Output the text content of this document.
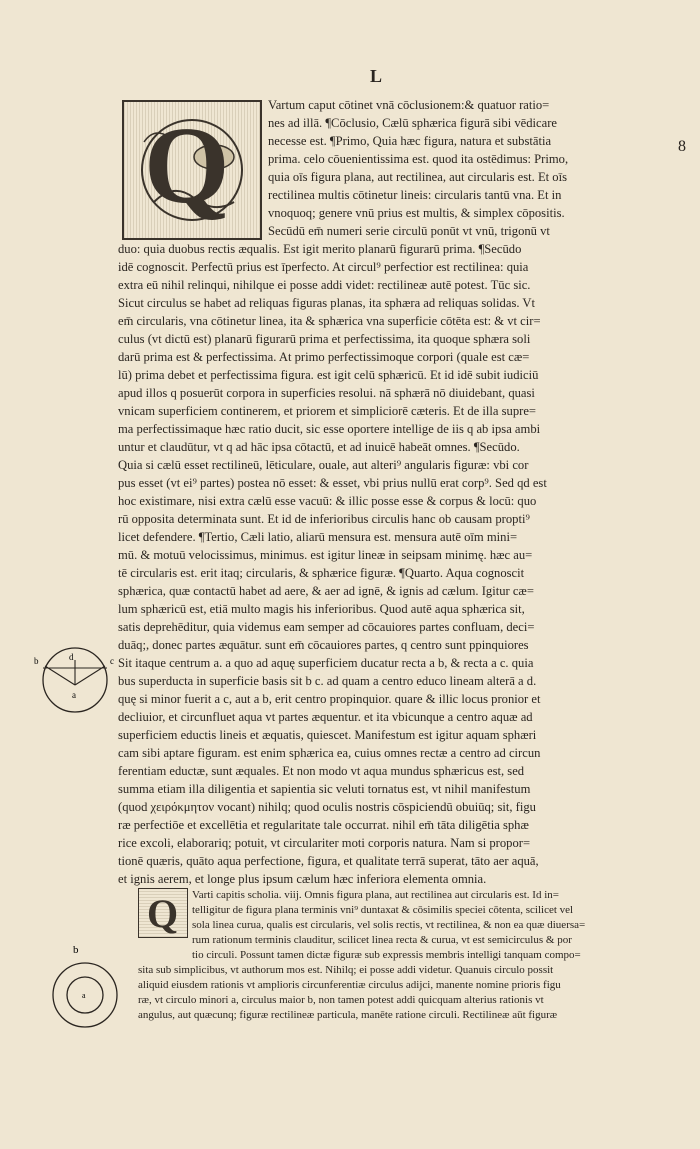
L
8
Q	Vartum caput cōtinet vnā cōclusionem:& quatuor ratio=
nes ad illā. ¶Cōclusio, Cælū sphærica figurā sibi vēdicare
necesse est. ¶Primo, Quia hæc figura, natura et substātia
prima. celo cōuenientissima est. quod ita ostēdimus: Primo,
quia oīs figura plana, aut rectilinea, aut circularis est. Et oīs
rectilinea multis cōtinetur lineis: circularis tantū vna. Et in
vnoquoq; genere vnū prius est multis, & simplex cōpositis.
Secūdū em̄ numeri serie circulū ponūt vt vnū, trigonū vt
duo: quia duobus rectis æqualis. Est igit merito planarū figurarū prima. ¶Secūdo
idē cognoscit. Perfectū prius est īperfecto. At circul⁹ perfectior est rectilinea: quia
extra eū nihil relinqui, nihilque ei posse addi videt: rectilineæ autē potest. Tūc sic.
Sicut circulus se habet ad reliquas figuras planas, ita sphæra ad reliquas solidas. Vt
em̄ circularis, vna cōtinetur linea, ita & sphærica vna superficie cōtēta est: & vt cir=
culus (vt dictū est) planarū figurarū prima et perfectissima, ita quoque sphæra soli
darū prima est & perfectissima. At primo perfectissimoque corpori (quale est cæ=
lū) prima debet et perfectissima figura. est igit celū sphæricū. Et id idē subit iudiciū
apud illos q posuerūt corpora in superficies resolui. nā sphærā nō diuidebant, quasi
vnicam superficiem continerem, et priorem et simpliciorē cæteris. Et de illa supre=
ma perfectissimaque hæc ratio ducit, sic esse oportere intellige de iis q ab ipsa ambi
untur et claudūtur, vt q ad hāc ipsa cōtactū, et ad inuicē habeāt omnes. ¶Secūdo.
Quia si cælū esset rectilineū, lēticulare, ouale, aut alteri⁹ angularis figuræ: vbi cor
pus esset (vt ei⁹ partes) postea nō esset: & esset, vbi prius nullū erat corp⁹. Sed qd est
hoc existimare, nisi extra cælū esse vacuū: & illic posse esse & corpus & locū: quo
rū opposita determinata sunt. Et id de inferioribus circulis hanc ob causam propti⁹
licet defendere. ¶Tertio, Cæli latio, aliarū mensura est. mensura autē oīm mini=
mū. & motuū velocissimus, minimus. est igitur lineæ in seipsam minimę. hæc au=
tē circularis est. erit itaq; circularis, & sphærice figuræ. ¶Quarto. Aqua cognoscit
sphærica, quæ contactū habet ad aere, & aer ad ignē, & ignis ad cælum. Igitur cæ=
lum sphæricū est, etiā multo magis his inferioribus. Quod autē aqua sphærica sit,
satis deprehēditur, quia videmus eam semper ad cōcauiores partes confluam, deci=
duāq;, donec partes æquātur. sunt em̄ cōcauiores partes, q centro sunt ppinquiores
Sit itaque centrum a. a quo ad aquę superficiem ducatur recta a b, & recta a c. quia
bus superducta in superficie basis sit b c. ad quam a centro educo lineam alterā a d.
quę si minor fuerit a c, aut a b, erit centro propinquior. quare & illic locus pronior et
decliuior, et circunfluet aqua vt partes æquentur. et ita vbicunque a centro aquæ ad
superficiem eductis lineis et æquatis, quiescet. Manifestum est igitur aquam sphæri
cam sibi aptare figuram. est enim sphærica ea, cuius omnes rectæ a centro ad circun
ferentiam eductæ, sunt æquales. Et non modo vt aqua mundus sphæricus est, sed
summa etiam illa diligentia et sapientia sic veluti tornatus est, vt nihil manifestum
(quod χειρόκμητον vocant) nihilq; quod oculis nostris cōspiciendū obuiūq; sit, figu
ræ perfectiōe et excellētia et regularitate tale occurrat. nihil em̄ tāta diligētia sphæ
rice excoli, elaborariq; potuit, vt circulariter moti corporis natura. Nam si propor=
tionē quæris, quāto aqua perfectione, figura, et qualitate terrā superat, tāto aer aquā,
et ignis aerem, et longe plus ipsum cælum hæc inferiora elementa omnia.
b	d	c
a
b
a
Q Varti capitis scholia. viij. Omnis figura plana, aut rectilinea aut circularis est. Id in=
telligitur de figura plana terminis vni⁹ duntaxat & cōsimilis speciei cōtenta, scilicet vel
sola linea curua, qualis est circularis, vel solis rectis, vt rectilinea, & non ea quæ diuersa=
rum rationum terminis clauditur, scilicet linea recta & curua, vt est semicirculus & por
tio circuli. Possunt tamen dictæ figuræ sub expressis membris intelligi tanquam compo=
sita sub simplicibus, vt authorum mos est. Nihilq; ei posse addi videtur. Quanuis circulo possit
aliquid eiusdem rationis vt amplioris circunferentiæ circulus adijci, manente nomine prioris figu
ræ, vt circulo minori a, circulus maior b, non tamen potest addi quicquam alterius rationis vt
angulus, aut quæcunq; figuræ rectilineæ particula, manēte ratione circuli. Rectilineæ aūt figuræ
